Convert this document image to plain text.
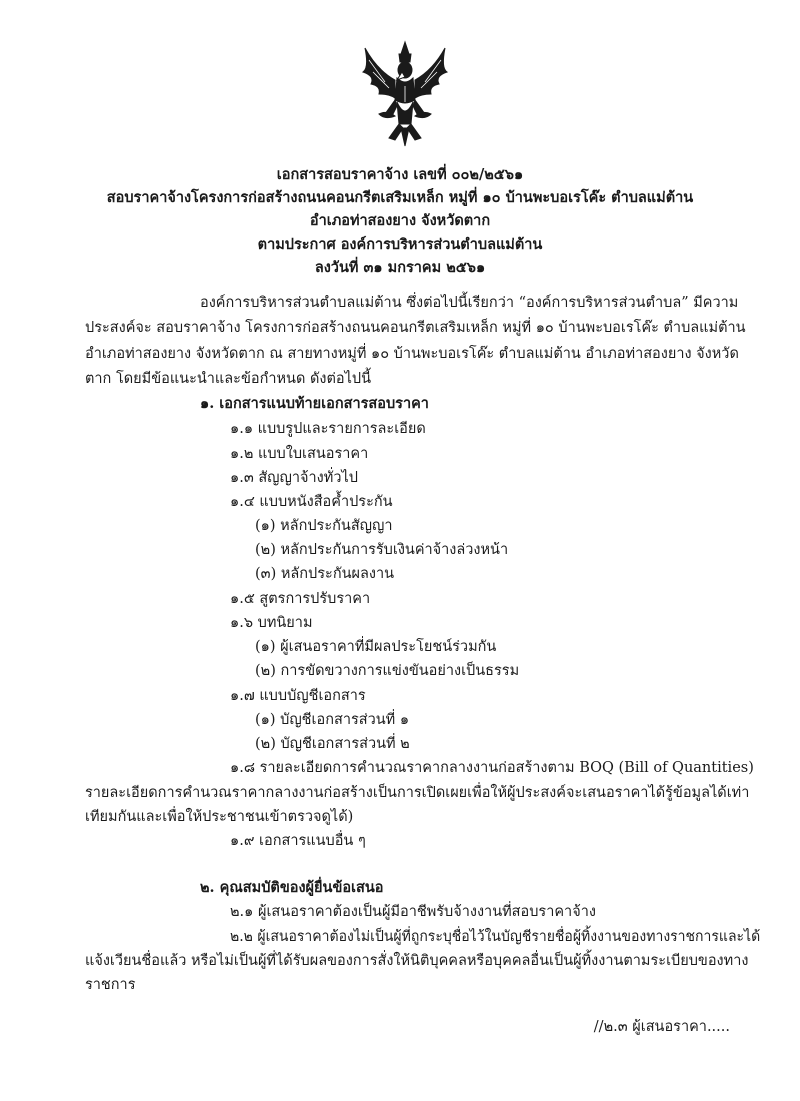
เอกสารสอบราคาจ้าง เลขที่ ๐๐๒/๒๕๖๑
สอบราคาจ้างโครงการก่อสร้างถนนคอนกรีตเสริมเหล็ก หมู่ที่ ๑๐ บ้านพะบอเรโค๊ะ ตำบลแม่ต้าน
อำเภอท่าสองยาง จังหวัดตาก
ตามประกาศ องค์การบริหารส่วนตำบลแม่ต้าน
ลงวันที่ ๓๑ มกราคม ๒๕๖๑
องค์การบริหารส่วนตำบลแม่ต้าน ซึ่งต่อไปนี้เรียกว่า “องค์การบริหารส่วนตำบล” มีความ
ประสงค์จะ สอบราคาจ้าง โครงการก่อสร้างถนนคอนกรีตเสริมเหล็ก หมู่ที่ ๑๐ บ้านพะบอเรโค๊ะ ตำบลแม่ต้าน
อำเภอท่าสองยาง จังหวัดตาก ณ สายทางหมู่ที่ ๑๐ บ้านพะบอเรโค๊ะ ตำบลแม่ต้าน อำเภอท่าสองยาง จังหวัด
ตาก โดยมีข้อแนะนำและข้อกำหนด ดังต่อไปนี้
๑. เอกสารแนบท้ายเอกสารสอบราคา
๑.๑ แบบรูปและรายการละเอียด
๑.๒ แบบใบเสนอราคา
๑.๓ สัญญาจ้างทั่วไป
๑.๔ แบบหนังสือค้ำประกัน
(๑) หลักประกันสัญญา
(๒) หลักประกันการรับเงินค่าจ้างล่วงหน้า
(๓) หลักประกันผลงาน
๑.๕ สูตรการปรับราคา
๑.๖ บทนิยาม
(๑) ผู้เสนอราคาที่มีผลประโยชน์ร่วมกัน
(๒) การขัดขวางการแข่งขันอย่างเป็นธรรม
๑.๗ แบบบัญชีเอกสาร
(๑) บัญชีเอกสารส่วนที่ ๑
(๒) บัญชีเอกสารส่วนที่ ๒
๑.๘ รายละเอียดการคำนวณราคากลางงานก่อสร้างตาม BOQ (Bill of Quantities)
รายละเอียดการคำนวณราคากลางงานก่อสร้างเป็นการเปิดเผยเพื่อให้ผู้ประสงค์จะเสนอราคาได้รู้ข้อมูลได้เท่า
เทียมกันและเพื่อให้ประชาชนเข้าตรวจดูได้)
๑.๙ เอกสารแนบอื่น ๆ
๒. คุณสมบัติของผู้ยื่นข้อเสนอ
๒.๑ ผู้เสนอราคาต้องเป็นผู้มีอาชีพรับจ้างงานที่สอบราคาจ้าง
๒.๒ ผู้เสนอราคาต้องไม่เป็นผู้ที่ถูกระบุชื่อไว้ในบัญชีรายชื่อผู้ทิ้งงานของทางราชการและได้
แจ้งเวียนชื่อแล้ว หรือไม่เป็นผู้ที่ได้รับผลของการสั่งให้นิติบุคคลหรือบุคคลอื่นเป็นผู้ทิ้งงานตามระเบียบของทาง
ราชการ
//๒.๓ ผู้เสนอราคา.....
